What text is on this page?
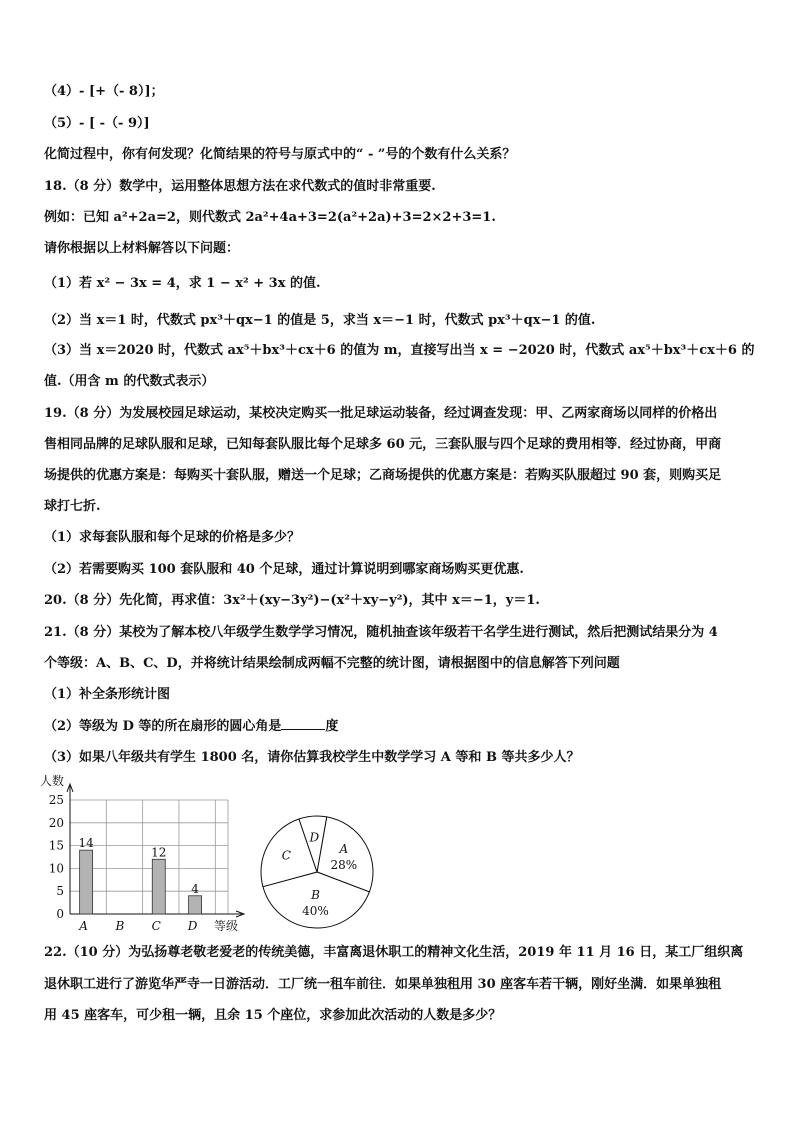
（4）- [+（- 8）]；
（5）- [ -（- 9）]
化简过程中，你有何发现？化简结果的符号与原式中的“ - ”号的个数有什么关系？
18.（8 分）数学中，运用整体思想方法在求代数式的值时非常重要.
例如：已知 a²+2a=2，则代数式 2a²+4a+3=2(a²+2a)+3=2×2+3=1.
请你根据以上材料解答以下问题：
（1）若 x² − 3x = 4，求 1 − x² + 3x 的值.
（2）当 x＝1 时，代数式 px³＋qx−1 的值是 5，求当 x＝−1 时，代数式 px³＋qx−1 的值.
（3）当 x＝2020 时，代数式 ax⁵＋bx³＋cx＋6 的值为 m，直接写出当 x = −2020 时，代数式 ax⁵＋bx³＋cx＋6 的
值.（用含 m 的代数式表示）
19.（8 分）为发展校园足球运动，某校决定购买一批足球运动装备，经过调查发现：甲、乙两家商场以同样的价格出
售相同品牌的足球队服和足球，已知每套队服比每个足球多 60 元，三套队服与四个足球的费用相等．经过协商，甲商
场提供的优惠方案是：每购买十套队服，赠送一个足球；乙商场提供的优惠方案是：若购买队服超过 90 套，则购买足
球打七折.
（1）求每套队服和每个足球的价格是多少？
（2）若需要购买 100 套队服和 40 个足球，通过计算说明到哪家商场购买更优惠.
20.（8 分）先化简，再求值：3x²＋(xy−3y²)−(x²＋xy−y²)，其中 x＝−1，y＝1.
21.（8 分）某校为了解本校八年级学生数学学习情况，随机抽查该年级若干名学生进行测试，然后把测试结果分为 4
个等级：A、B、C、D，并将统计结果绘制成两幅不完整的统计图，请根据图中的信息解答下列问题
（1）补全条形统计图
（2）等级为 D 等的所在扇形的圆心角是	度
（3）如果八年级共有学生 1800 名，请你估算我校学生中数学学习 A 等和 B 等共多少人？
人数
等级
0
5
10
15
20
25
14
12
4
A B C D
A
28%
B
40%
C
D
22.（10 分）为弘扬尊老敬老爱老的传统美德，丰富离退休职工的精神文化生活，2019 年 11 月 16 日，某工厂组织离
退休职工进行了游览华严寺一日游活动．工厂统一租车前往．如果单独租用 30 座客车若干辆，刚好坐满．如果单独租
用 45 座客车，可少租一辆，且余 15 个座位，求参加此次活动的人数是多少？
